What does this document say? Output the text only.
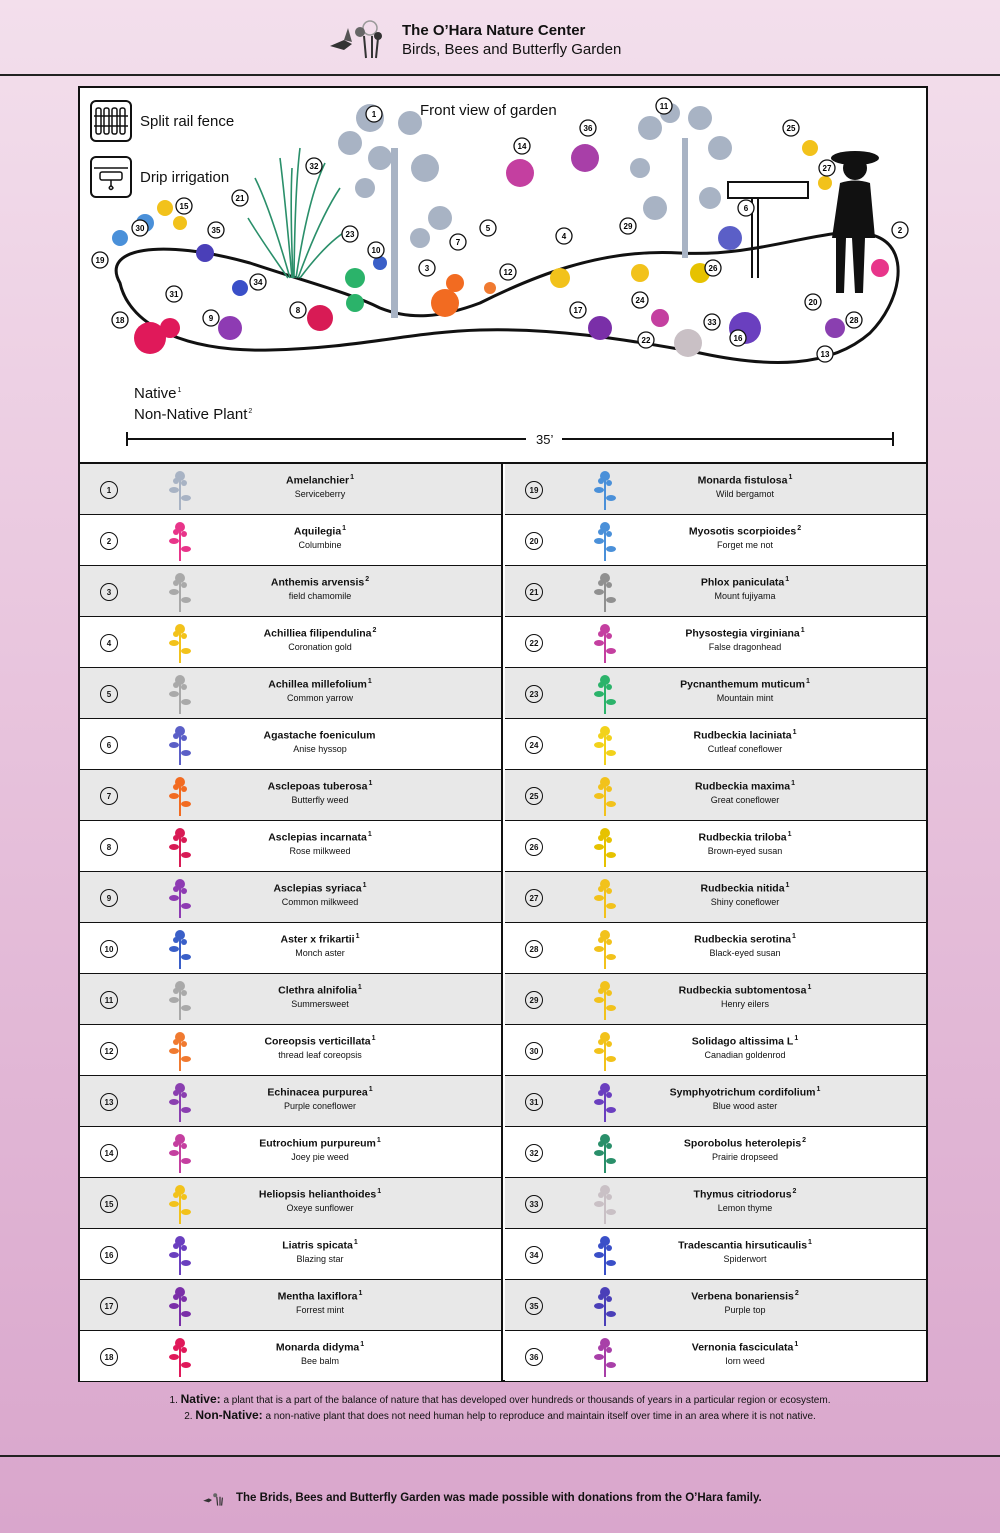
The O’Hara Nature Center
Birds, Bees and Butterfly Garden
Split rail fence
Drip irrigation
Front view of garden
1
2
3
4
5
6
7
8
9
10
11
12
13
14
15
16
17
18
19
20
21
22
23
24
25
26
27
28
29
30
31
32
33
34
35
36
Native$^1$
Non-Native Plant$^2$
35’
1
Amelanchier$^1$
Serviceberry
2
Aquilegia$^1$
Columbine
3
Anthemis arvensis$^2$
field chamomile
4
Achilliea filipendulina$^2$
Coronation gold
5
Achillea millefolium$^1$
Common yarrow
6
Agastache foeniculum
Anise hyssop
7
Asclepoas tuberosa$^1$
Butterfly weed
8
Asclepias incarnata$^1$
Rose milkweed
9
Asclepias syriaca$^1$
Common milkweed
10
Aster x frikartii$^1$
Monch aster
11
Clethra alnifolia$^1$
Summersweet
12
Coreopsis verticillata$^1$
thread leaf coreopsis
13
Echinacea purpurea$^1$
Purple coneflower
14
Eutrochium purpureum$^1$
Joey pie weed
15
Heliopsis helianthoides$^1$
Oxeye sunflower
16
Liatris spicata$^1$
Blazing star
17
Mentha laxiflora$^1$
Forrest mint
18
Monarda didyma$^1$
Bee balm
19
Monarda fistulosa$^1$
Wild bergamot
20
Myosotis scorpioides$^2$
Forget me not
21
Phlox paniculata$^1$
Mount fujiyama
22
Physostegia virginiana$^1$
False dragonhead
23
Pycnanthemum muticum$^1$
Mountain mint
24
Rudbeckia laciniata$^1$
Cutleaf coneflower
25
Rudbeckia maxima$^1$
Great coneflower
26
Rudbeckia triloba$^1$
Brown-eyed susan
27
Rudbeckia nitida$^1$
Shiny coneflower
28
Rudbeckia serotina$^1$
Black-eyed susan
29
Rudbeckia subtomentosa$^1$
Henry eilers
30
Solidago altissima $L^1$
Canadian goldenrod
31
Symphyotrichum cordifolium$^1$
Blue wood aster
32
Sporobolus heterolepis$^2$
Prairie dropseed
33
Thymus citriodorus$^2$
Lemon thyme
34
Tradescantia hirsuticaulis$^1$
Spiderwort
35
Verbena bonariensis$^2$
Purple top
36
Vernonia fasciculata$^1$
Iorn weed
1. Native: a plant that is a part of the balance of nature that has developed over hundreds or thousands of years in a particular region or ecosystem.
2. Non-Native: a non-native plant that does not need human help to reproduce and maintain itself over time in an area where it is not native.
The Brids, Bees and Butterfly Garden was made possible with donations from the O’Hara family.
